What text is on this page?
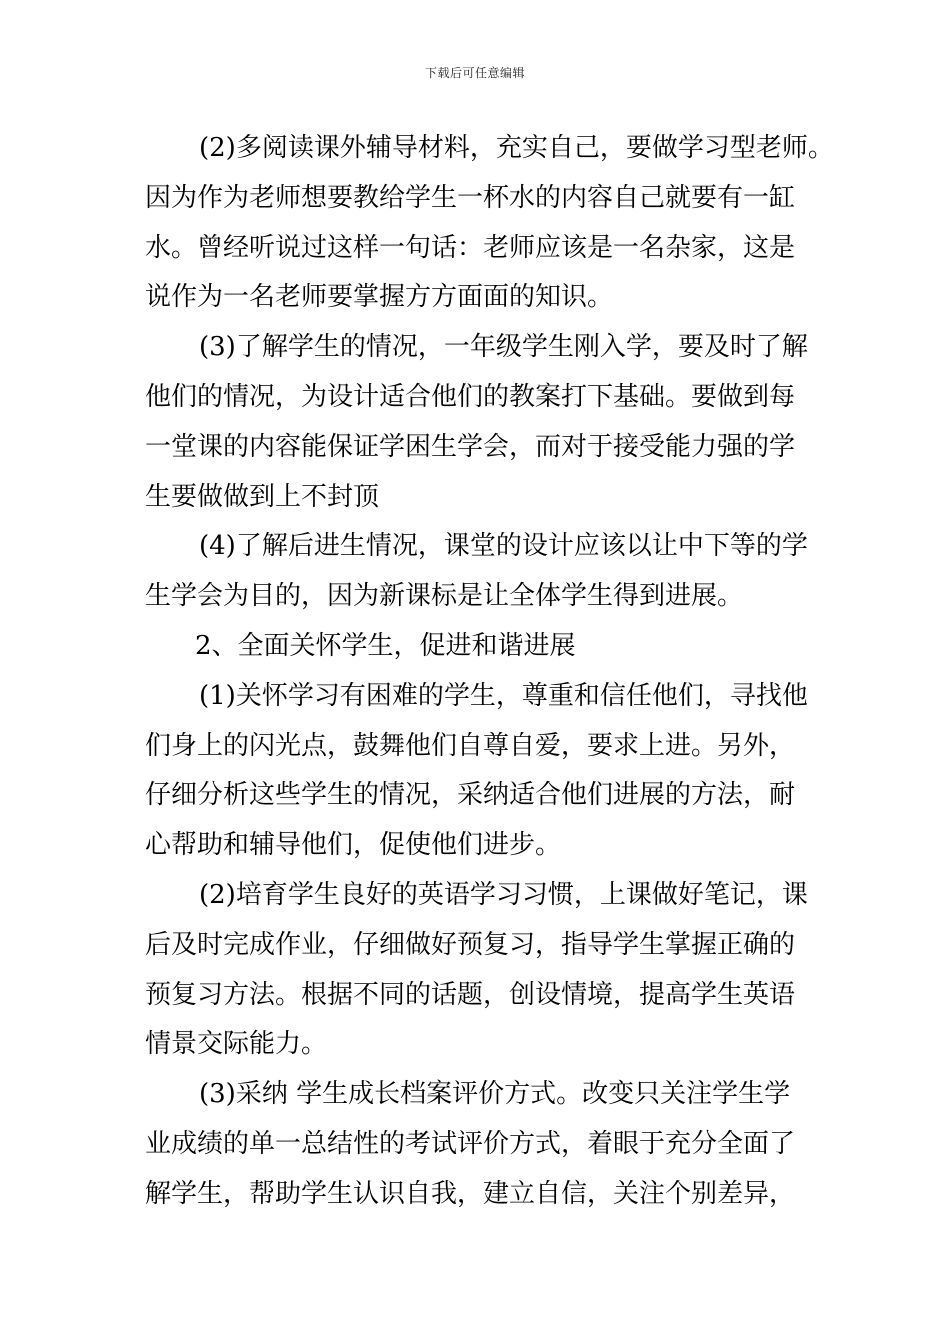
下载后可任意编辑
(2)多阅读课外辅导材料，充实自己，要做学习型老师。
因为作为老师想要教给学生一杯水的内容自己就要有一缸
水。曾经听说过这样一句话：老师应该是一名杂家，这是
说作为一名老师要掌握方方面面的知识。
(3)了解学生的情况，一年级学生刚入学，要及时了解
他们的情况，为设计适合他们的教案打下基础。要做到每
一堂课的内容能保证学困生学会，而对于接受能力强的学
生要做做到上不封顶
(4)了解后进生情况，课堂的设计应该以让中下等的学
生学会为目的，因为新课标是让全体学生得到进展。
2、全面关怀学生，促进和谐进展
(1)关怀学习有困难的学生，尊重和信任他们，寻找他
们身上的闪光点，鼓舞他们自尊自爱，要求上进。另外，
仔细分析这些学生的情况，采纳适合他们进展的方法，耐
心帮助和辅导他们，促使他们进步。
(2)培育学生良好的英语学习习惯，上课做好笔记，课
后及时完成作业，仔细做好预复习，指导学生掌握正确的
预复习方法。根据不同的话题，创设情境，提高学生英语
情景交际能力。
(3)采纳 学生成长档案评价方式。改变只关注学生学
业成绩的单一总结性的考试评价方式，着眼于充分全面了
解学生，帮助学生认识自我，建立自信，关注个别差异，
